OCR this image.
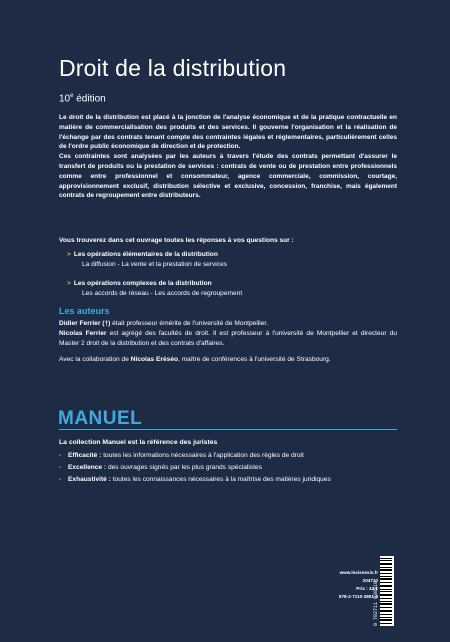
Droit de la distribution
10e édition

Le droit de la distribution est placé à la jonction de l'analyse économique et de la pratique contractuelle en matière de commercialisation des produits et des services. Il gouverne l'organisation et la réalisation de l'échange par des contrats tenant compte des contraintes légales et réglementaires, particulièrement celles de l'ordre public économique de direction et de protection.

Ces contraintes sont analysées par les auteurs à travers l'étude des contrats permettant d'assurer le transfert de produits ou la prestation de services : contrats de vente ou de prestation entre professionnels comme entre professionnel et consommateur, agence commerciale, commission, courtage, approvisionnement exclusif, distribution sélective et exclusive, concession, franchise, mais également contrats de regroupement entre distributeurs.

Vous trouverez dans cet ouvrage toutes les réponses à vos questions sur :
> Les opérations élémentaires de la distribution
La diffusion - La vente et la prestation de services
> Les opérations complexes de la distribution
Les accords de réseau - Les accords de regroupement
Les auteurs

Didier Ferrier (†) était professeur émérite de l'université de Montpellier.

Nicolas Ferrier est agrégé des facultés de droit. Il est professeur à l'université de Montpellier et directeur du Master 2 droit de la distribution et des contrats d'affaires.

Avec la collaboration de Nicolas Eréséo, maître de conférences à l'université de Strasbourg.
MANUEL
La collection Manuel est la référence des juristes
- Efficacité : toutes les informations nécessaires à l'application des règles de droit
- Excellence : des ouvrages signés par les plus grands spécialistes
- Exhaustivité : toutes les connaissances nécessaires à la maîtrise des matières juridiques
www.lexisnexis.fr
204710
Prix : 42 €
978-2-7110-3851-0
9 782711 038510
